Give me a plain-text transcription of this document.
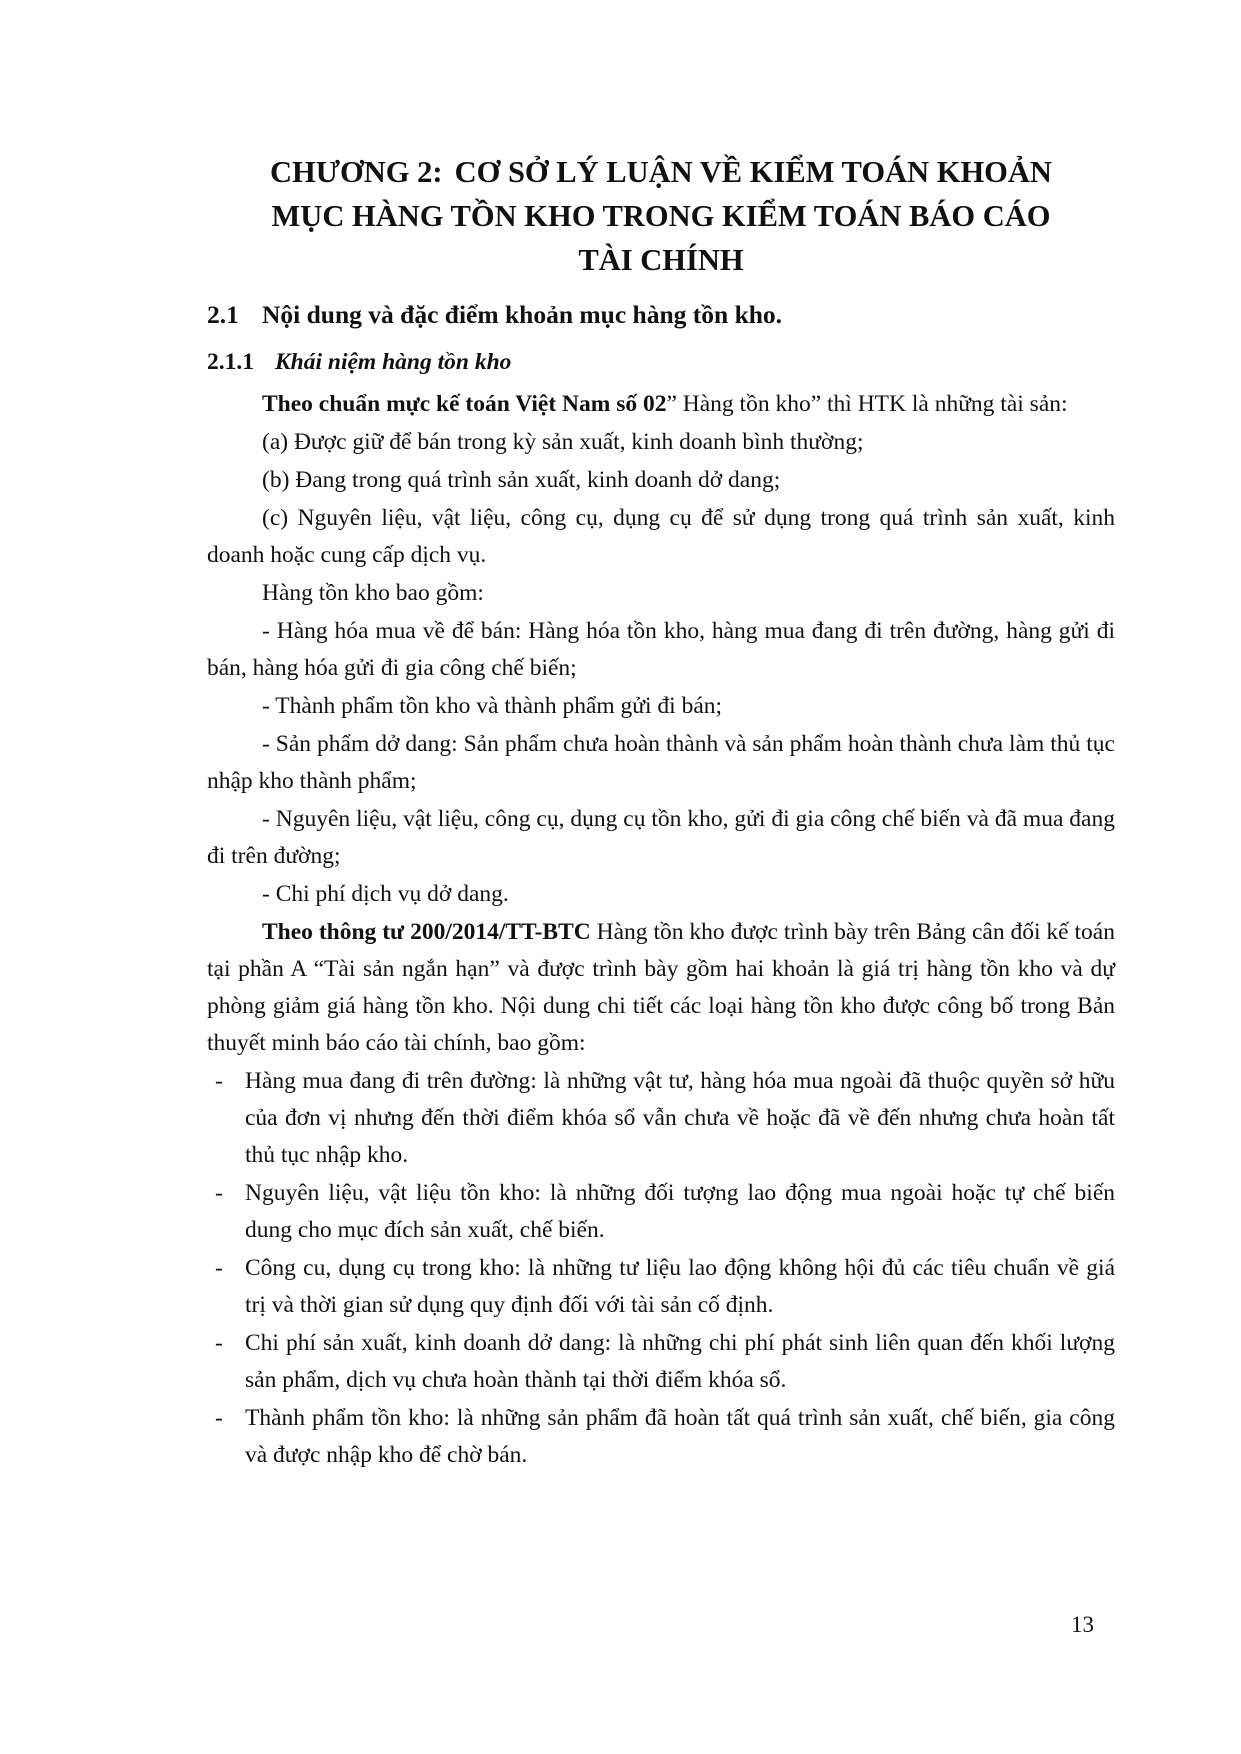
CHƯƠNG 2: CƠ SỞ LÝ LUẬN VỀ KIỂM TOÁN KHOẢN
MỤC HÀNG TỒN KHO TRONG KIỂM TOÁN BÁO CÁO
TÀI CHÍNH
2.1 Nội dung và đặc điểm khoản mục hàng tồn kho.
2.1.1 Khái niệm hàng tồn kho

Theo chuẩn mực kế toán Việt Nam số 02” Hàng tồn kho” thì HTK là những tài sản:

(a) Được giữ để bán trong kỳ sản xuất, kinh doanh bình thường;

(b) Đang trong quá trình sản xuất, kinh doanh dở dang;

(c) Nguyên liệu, vật liệu, công cụ, dụng cụ để sử dụng trong quá trình sản xuất, kinh doanh hoặc cung cấp dịch vụ.

Hàng tồn kho bao gồm:

- Hàng hóa mua về để bán: Hàng hóa tồn kho, hàng mua đang đi trên đường, hàng gửi đi bán, hàng hóa gửi đi gia công chế biến;

- Thành phẩm tồn kho và thành phẩm gửi đi bán;

- Sản phẩm dở dang: Sản phẩm chưa hoàn thành và sản phẩm hoàn thành chưa làm thủ tục nhập kho thành phẩm;

- Nguyên liệu, vật liệu, công cụ, dụng cụ tồn kho, gửi đi gia công chế biến và đã mua đang đi trên đường;

- Chi phí dịch vụ dở dang.

Theo thông tư 200/2014/TT-BTC Hàng tồn kho được trình bày trên Bảng cân đối kế toán tại phần A “Tài sản ngắn hạn” và được trình bày gồm hai khoản là giá trị hàng tồn kho và dự phòng giảm giá hàng tồn kho. Nội dung chi tiết các loại hàng tồn kho được công bố trong Bản thuyết minh báo cáo tài chính, bao gồm:

- Hàng mua đang đi trên đường: là những vật tư, hàng hóa mua ngoài đã thuộc quyền sở hữu của đơn vị nhưng đến thời điểm khóa sổ vẫn chưa về hoặc đã về đến nhưng chưa hoàn tất thủ tục nhập kho.
- Nguyên liệu, vật liệu tồn kho: là những đối tượng lao động mua ngoài hoặc tự chế biến dung cho mục đích sản xuất, chế biến.
- Công cu, dụng cụ trong kho: là những tư liệu lao động không hội đủ các tiêu chuẩn về giá trị và thời gian sử dụng quy định đối với tài sản cố định.
- Chi phí sản xuất, kinh doanh dở dang: là những chi phí phát sinh liên quan đến khối lượng sản phẩm, dịch vụ chưa hoàn thành tại thời điểm khóa sổ.
- Thành phẩm tồn kho: là những sản phẩm đã hoàn tất quá trình sản xuất, chế biến, gia công và được nhập kho để chờ bán.
13
